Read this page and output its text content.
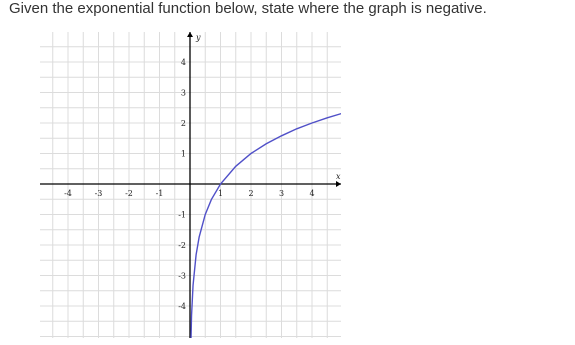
Given the exponential function below, state where the graph is negative.
x
y
-4	-3	-2	-1	1	2	3	4
4
3
2
1
-1
-2
-3
-4
